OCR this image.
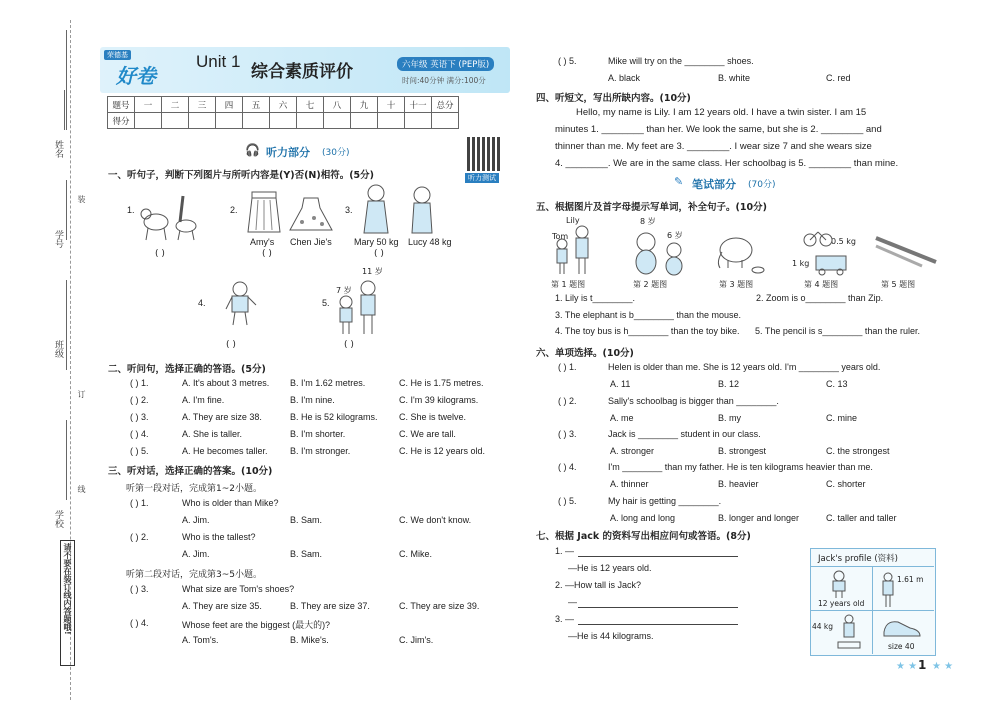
姓名
学号
班级
学校
装
订
线
请不要在装订线内答题哦!
荣德基
好卷
Unit 1
综合素质评价	六年级 英语下 (PEP版)
时间:40分钟 满分:100分
题号	一	二	三	四	五	六	七	八	九	十	十一	总分
得分												
听力测试
🎧 听力部分 (30分)
一、听句子，判断下列图片与所听内容是(Y)否(N)相符。(5分)
1.
( )
2.
Amy's Chen Jie's
( )
3.
Mary 50 kg Lucy 48 kg
( )
4.
( )
5.
11 岁
7 岁
( )
二、听问句，选择正确的答语。(5分)
( ) 1.	A. It's about 3 metres. B. I'm 1.62 metres.	C. He is 1.75 metres.
( ) 2.	A. I'm fine.	B. I'm nine.	C. I'm 39 kilograms.
( ) 3.	A. They are size 38.	B. He is 52 kilograms. C. She is twelve.
( ) 4.	A. She is taller.	B. I'm shorter.	C. We are tall.
( ) 5.	A. He becomes taller. B. I'm stronger.	C. He is 12 years old.
三、听对话，选择正确的答案。(10分)
听第一段对话，完成第1~2小题。
( ) 1.	Who is older than Mike?
A. Jim.	B. Sam.	C. We don't know.
( ) 2.	Who is the tallest?
A. Jim.	B. Sam.	C. Mike.
听第二段对话，完成第3~5小题。
( ) 3.	What size are Tom's shoes?
A. They are size 35.	B. They are size 37.	C. They are size 39.
( ) 4.	Whose feet are the biggest (最大的)?
A. Tom's.	B. Mike's.	C. Jim's.
( ) 5.	Mike will try on the ________ shoes.
A. black	B. white	C. red
四、听短文，写出所缺内容。(10分)
Hello, my name is Lily. I am 12 years old. I have a twin sister. I am 15
minutes 1. ________ than her. We look the same, but she is 2. ________ and
thinner than me. My feet are 3. ________. I wear size 7 and she wears size
4. ________. We are in the same class. Her schoolbag is 5. ________ than mine.
✎ 笔试部分 (70分)
五、根据图片及首字母提示写单词，补全句子。(10分)
Lily
Tom
8 岁
6 岁
0.5 kg
1 kg
第 1 题图	第 2 题图	第 3 题图	第 4 题图	第 5 题图
1. Lily is t________.	2. Zoom is o________ than Zip.
3. The elephant is b________ than the mouse.
4. The toy bus is h________ than the toy bike. 5. The pencil is s________ than the ruler.
六、单项选择。(10分)
( ) 1.	Helen is older than me. She is 12 years old. I'm ________ years old.
A. 11	B. 12	C. 13
( ) 2.	Sally's schoolbag is bigger than ________.
A. me	B. my	C. mine
( ) 3.	Jack is ________ student in our class.
A. stronger	B. strongest	C. the strongest
( ) 4.	I'm ________ than my father. He is ten kilograms heavier than me.
A. thinner	B. heavier	C. shorter
( ) 5.	My hair is getting ________.
A. long and long	B. longer and longer	C. taller and taller
七、根据 Jack 的资料写出相应问句或答语。(8分)
1. —
—He is 12 years old.
2. —How tall is Jack?
—
3. —
—He is 44 kilograms.
Jack's profile (资料)
12 years old
1.61 m
44 kg
size 40
★ ★ 1 ★ ★
